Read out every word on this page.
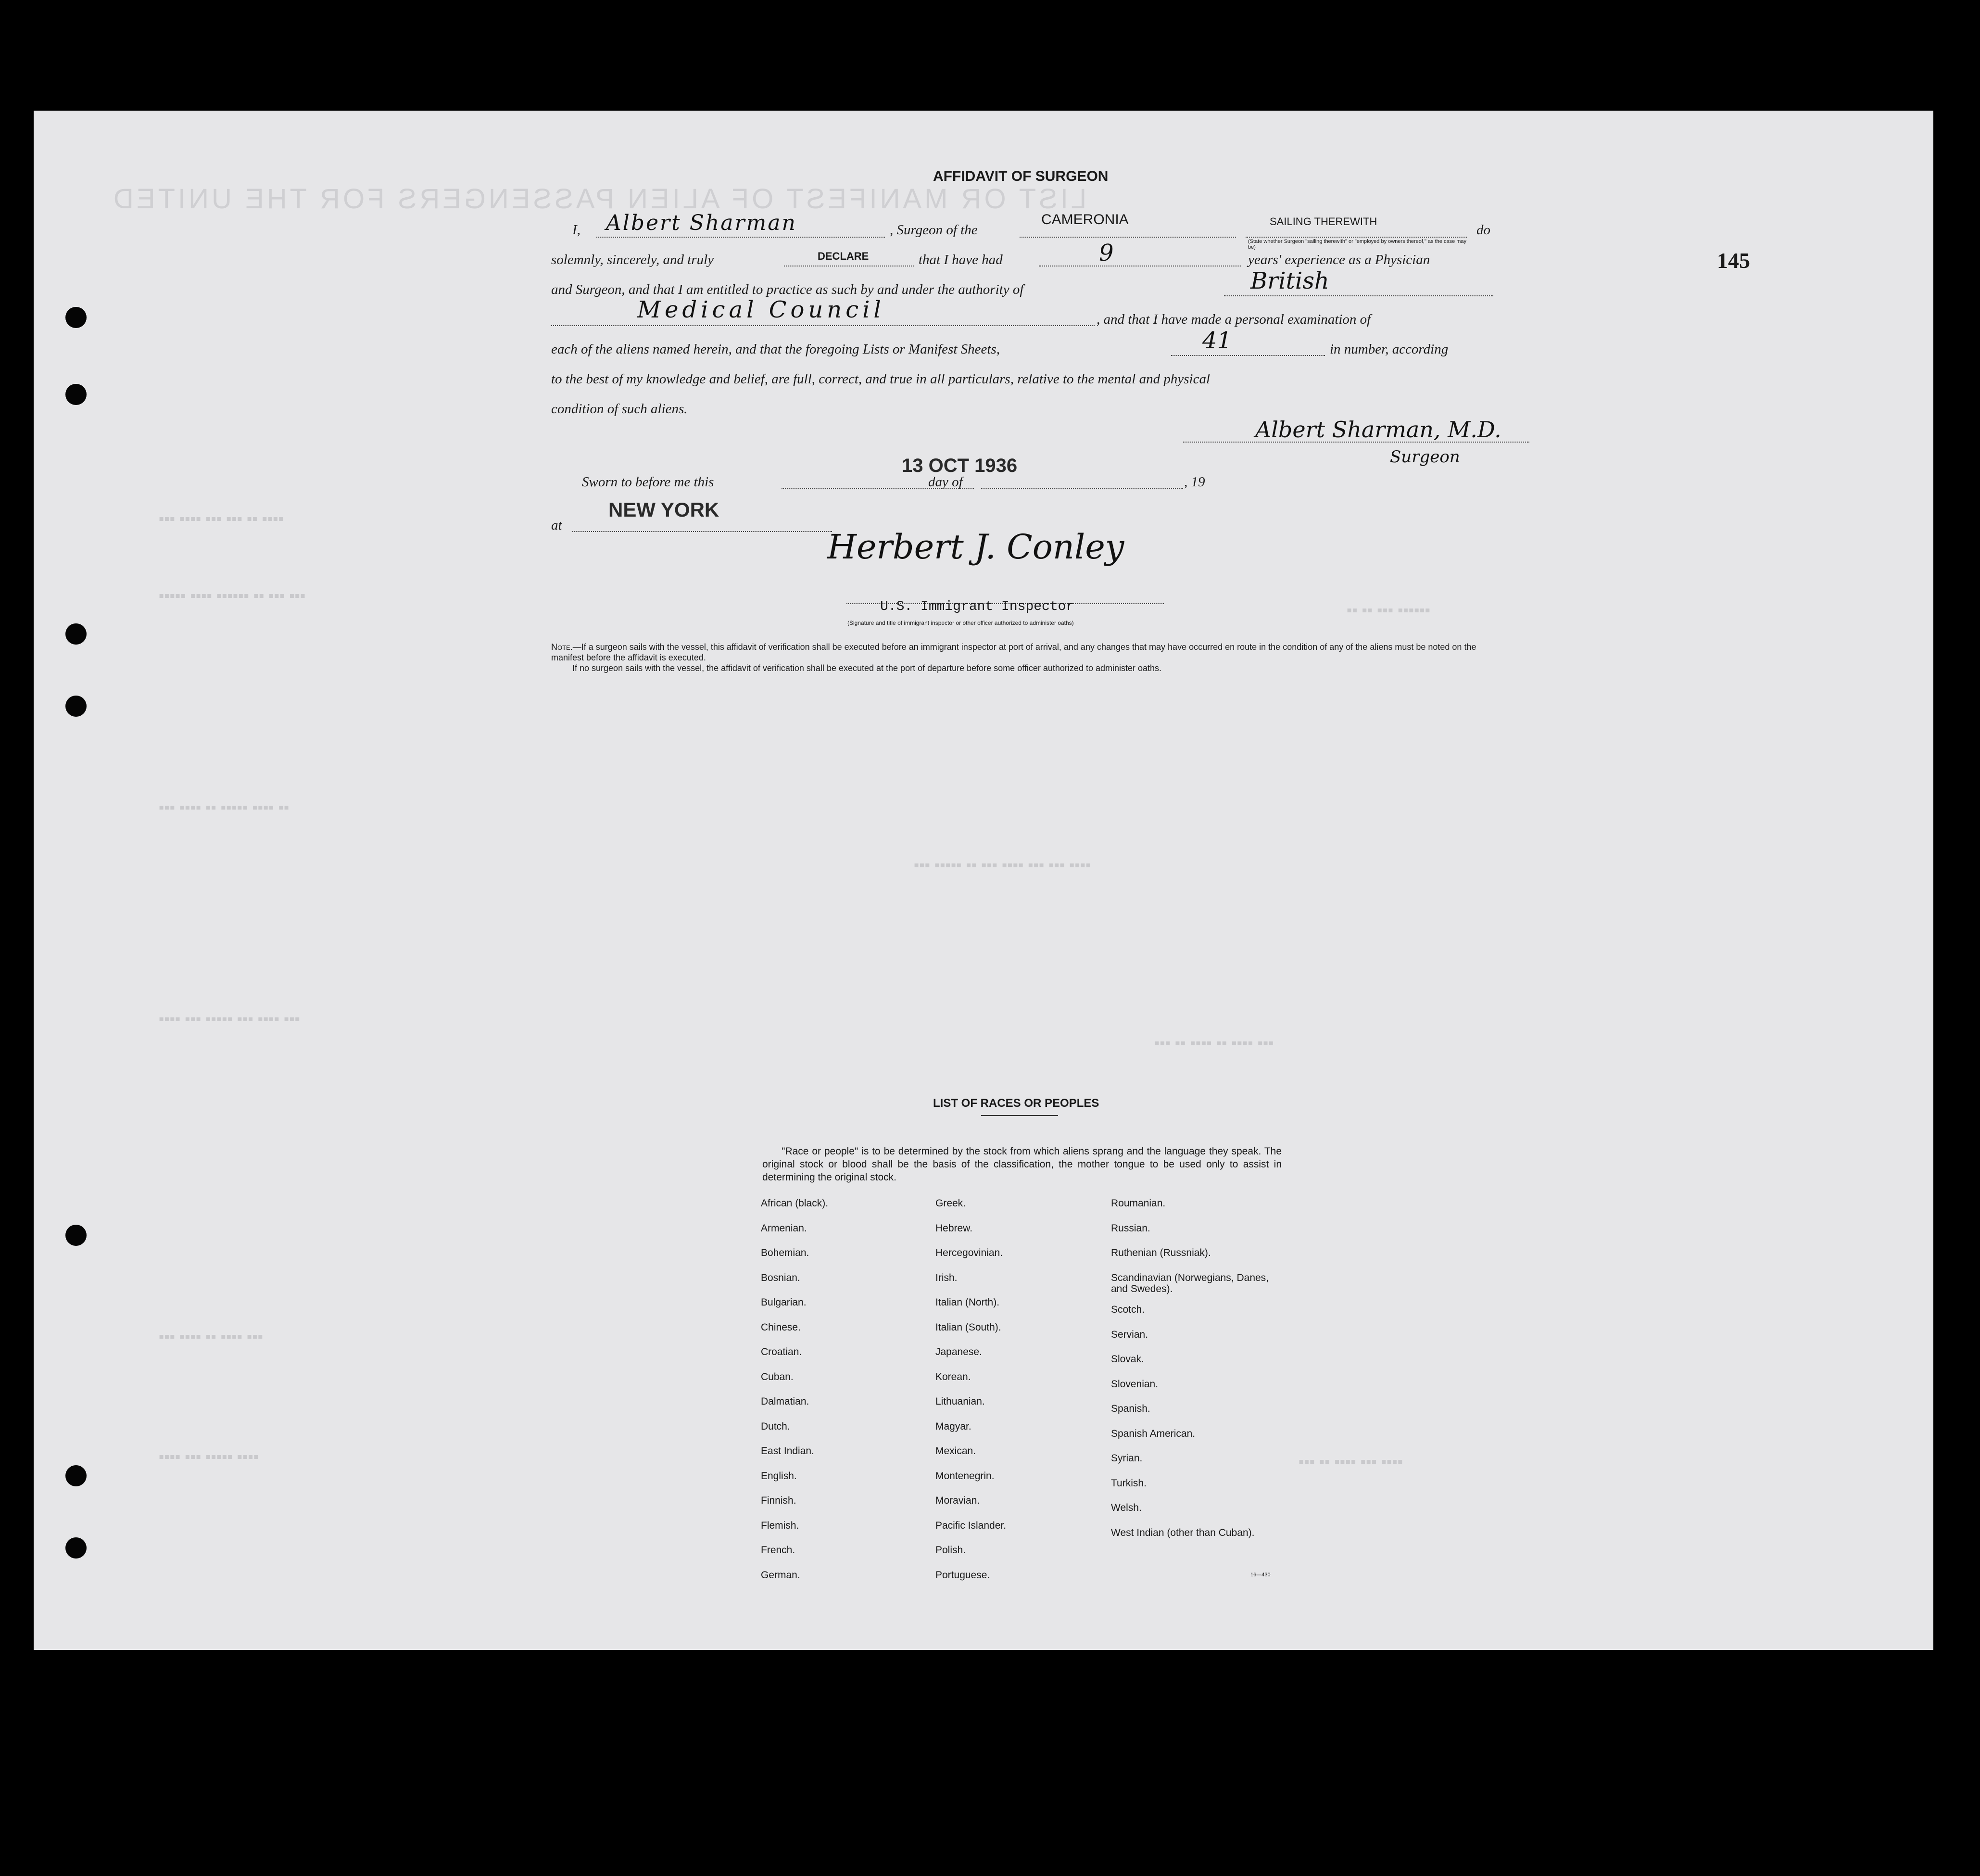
LIST OR MANIFEST OF ALIEN PASSENGERS FOR THE UNITED
145
AFFIDAVIT OF SURGEON
I, Albert Sharman	, Surgeon of the
CAMERONIA	SAILING THEREWITH
(State whether Surgeon "sailing therewith" or "employed by owners thereof," as the case may be)
do
solemnly, sincerely, and truly	DECLARE	that I have had	9	years' experience as a Physician
and Surgeon, and that I am entitled to practice as such by and under the authority of	British
Medical Council	, and that I have made a personal examination of
each of the aliens named herein, and that the foregoing Lists or Manifest Sheets,	41	in number, according
to the best of my knowledge and belief, are full, correct, and true in all particulars, relative to the mental and physical
condition of such aliens.
Albert Sharman, M.D.
Surgeon
Sworn to before me this
13 OCT 1936
day of	, 19
at
NEW YORK
Herbert J. Conley
U.S. Immigrant Inspector
(Signature and title of immigrant inspector or other officer authorized to administer oaths)
Note.—If a surgeon sails with the vessel, this affidavit of verification shall be executed before an immigrant inspector at port of arrival, and any changes that may have occurred en route in the condition of any of the aliens must be noted on the manifest before the affidavit is executed.
If no surgeon sails with the vessel, the affidavit of verification shall be executed at the port of departure before some officer authorized to administer oaths.
▪▪▪ ▪▪▪▪ ▪▪▪ ▪▪▪ ▪▪ ▪▪▪▪
▪▪▪▪▪ ▪▪▪▪ ▪▪▪▪▪▪ ▪▪ ▪▪▪ ▪▪▪
▪▪ ▪▪ ▪▪▪ ▪▪▪▪▪▪
▪▪▪ ▪▪▪▪ ▪▪ ▪▪▪▪▪ ▪▪▪▪ ▪▪
▪▪▪ ▪▪▪▪▪ ▪▪ ▪▪▪ ▪▪▪▪ ▪▪▪ ▪▪▪ ▪▪▪▪
▪▪▪▪ ▪▪▪ ▪▪▪▪▪ ▪▪▪ ▪▪▪▪ ▪▪▪
▪▪▪ ▪▪ ▪▪▪▪ ▪▪ ▪▪▪▪ ▪▪▪
▪▪▪ ▪▪▪▪ ▪▪ ▪▪▪▪ ▪▪▪
▪▪▪▪ ▪▪▪ ▪▪▪▪▪ ▪▪▪▪	▪▪▪ ▪▪ ▪▪▪▪ ▪▪▪ ▪▪▪▪
LIST OF RACES OR PEOPLES
"Race or people" is to be determined by the stock from which aliens sprang and the language they speak. The original stock or blood shall be the basis of the classification, the mother tongue to be used only to assist in determining the original stock.
African (black).
Armenian.
Bohemian.
Bosnian.
Bulgarian.
Chinese.
Croatian.
Cuban.
Dalmatian.
Dutch.
East Indian.
English.
Finnish.
Flemish.
French.
German.
Greek.
Hebrew.
Hercegovinian.
Irish.
Italian (North).
Italian (South).
Japanese.
Korean.
Lithuanian.
Magyar.
Mexican.
Montenegrin.
Moravian.
Pacific Islander.
Polish.
Portuguese.
Roumanian.
Russian.
Ruthenian (Russniak).
Scandinavian (Norwegians, Danes, and Swedes).
Scotch.
Servian.
Slovak.
Slovenian.
Spanish.
Spanish American.
Syrian.
Turkish.
Welsh.
West Indian (other than Cuban).
16—430
